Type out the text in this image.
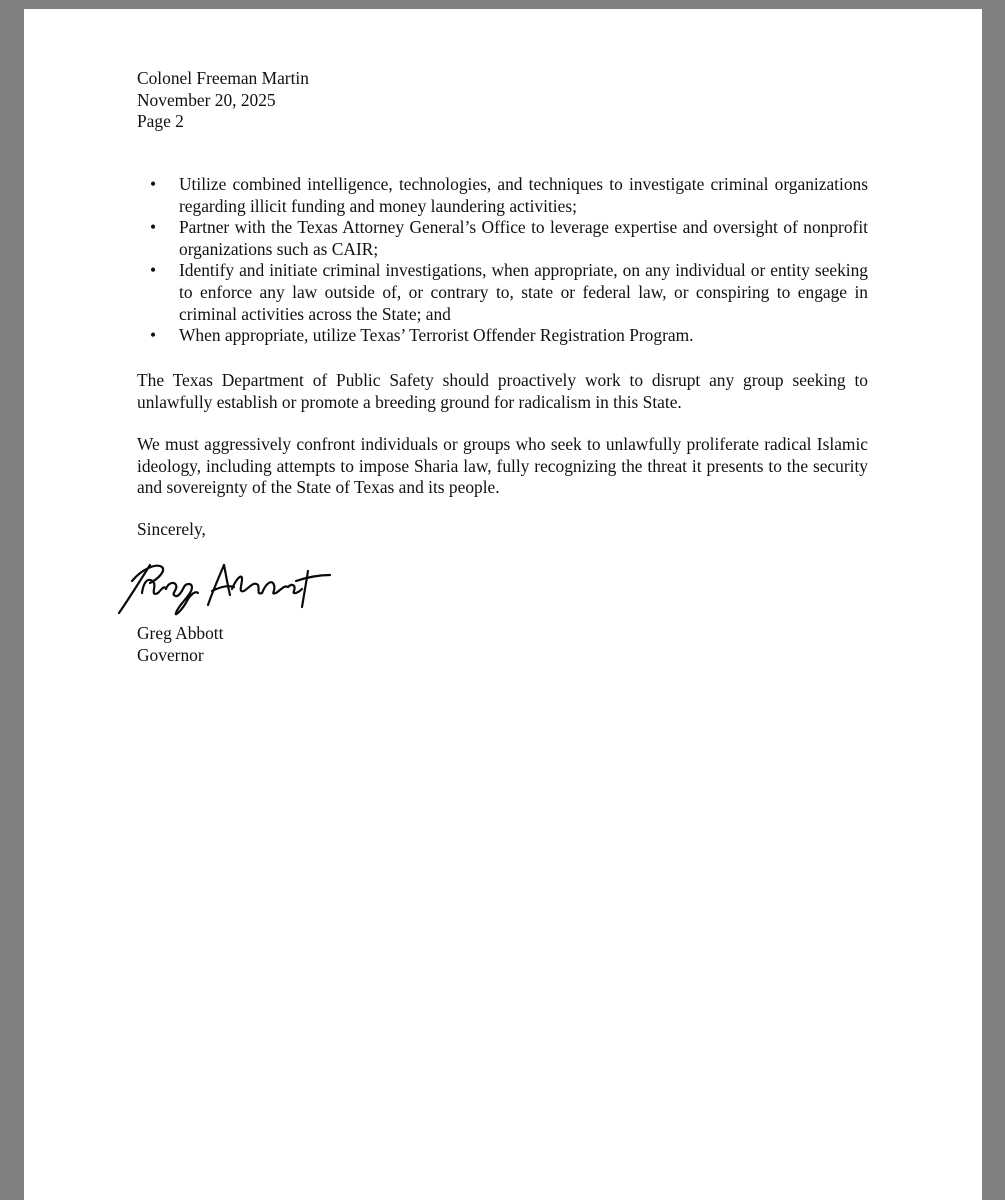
Colonel Freeman Martin
November 20, 2025
Page 2
• Utilize combined intelligence, technologies, and techniques to investigate criminal organizations regarding illicit funding and money laundering activities;
• Partner with the Texas Attorney General’s Office to leverage expertise and oversight of nonprofit organizations such as CAIR;
• Identify and initiate criminal investigations, when appropriate, on any individual or entity seeking to enforce any law outside of, or contrary to, state or federal law, or conspiring to engage in criminal activities across the State; and
• When appropriate, utilize Texas’ Terrorist Offender Registration Program.

The Texas Department of Public Safety should proactively work to disrupt any group seeking to unlawfully establish or promote a breeding ground for radicalism in this State.

We must aggressively confront individuals or groups who seek to unlawfully proliferate radical Islamic ideology, including attempts to impose Sharia law, fully recognizing the threat it presents to the security and sovereignty of the State of Texas and its people.

Sincerely,
Greg Abbott
Governor
